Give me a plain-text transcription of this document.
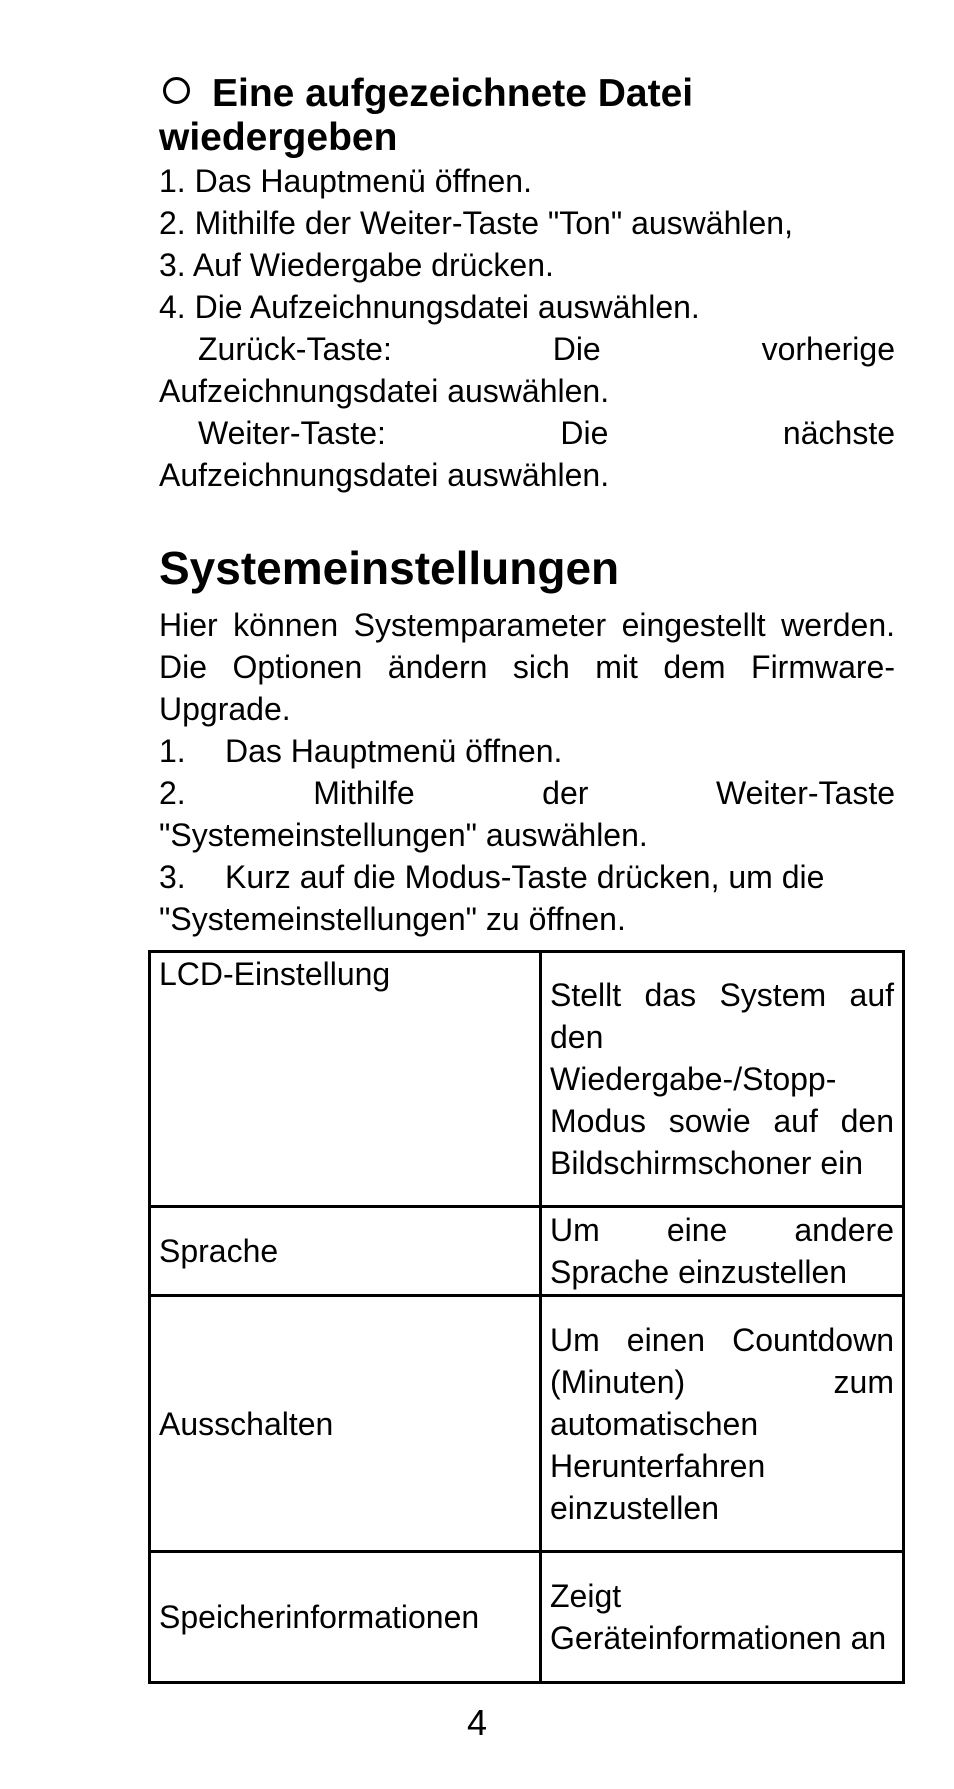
Eine aufgezeichnete Datei wiedergeben

1. Das Hauptmenü öffnen.

2. Mithilfe der Weiter-Taste "Ton" auswählen,

3. Auf Wiedergabe drücken.

4. Die Aufzeichnungsdatei auswählen.

Zurück-Taste: Die vorherige

Aufzeichnungsdatei auswählen.

Weiter-Taste: Die nächste

Aufzeichnungsdatei auswählen.

Systemeinstellungen

Hier können Systemparameter eingestellt werden. Die Optionen ändern sich mit dem Firmware-Upgrade.

1. Das Hauptmenü öffnen.

2. Mithilfe der Weiter-Taste

"Systemeinstellungen" auswählen.

3. Kurz auf die Modus-Taste drücken, um die

"Systemeinstellungen" zu öffnen.

LCD-Einstellung	Stellt das System auf den Wiedergabe-/Stopp-Modus sowie auf den Bildschirmschoner ein
Sprache	Um eine andere Sprache einzustellen
Ausschalten	Um einen Countdown (Minuten) zum automatischen Herunterfahren einzustellen
Speicherinformationen	Zeigt Geräteinformationen an
4
